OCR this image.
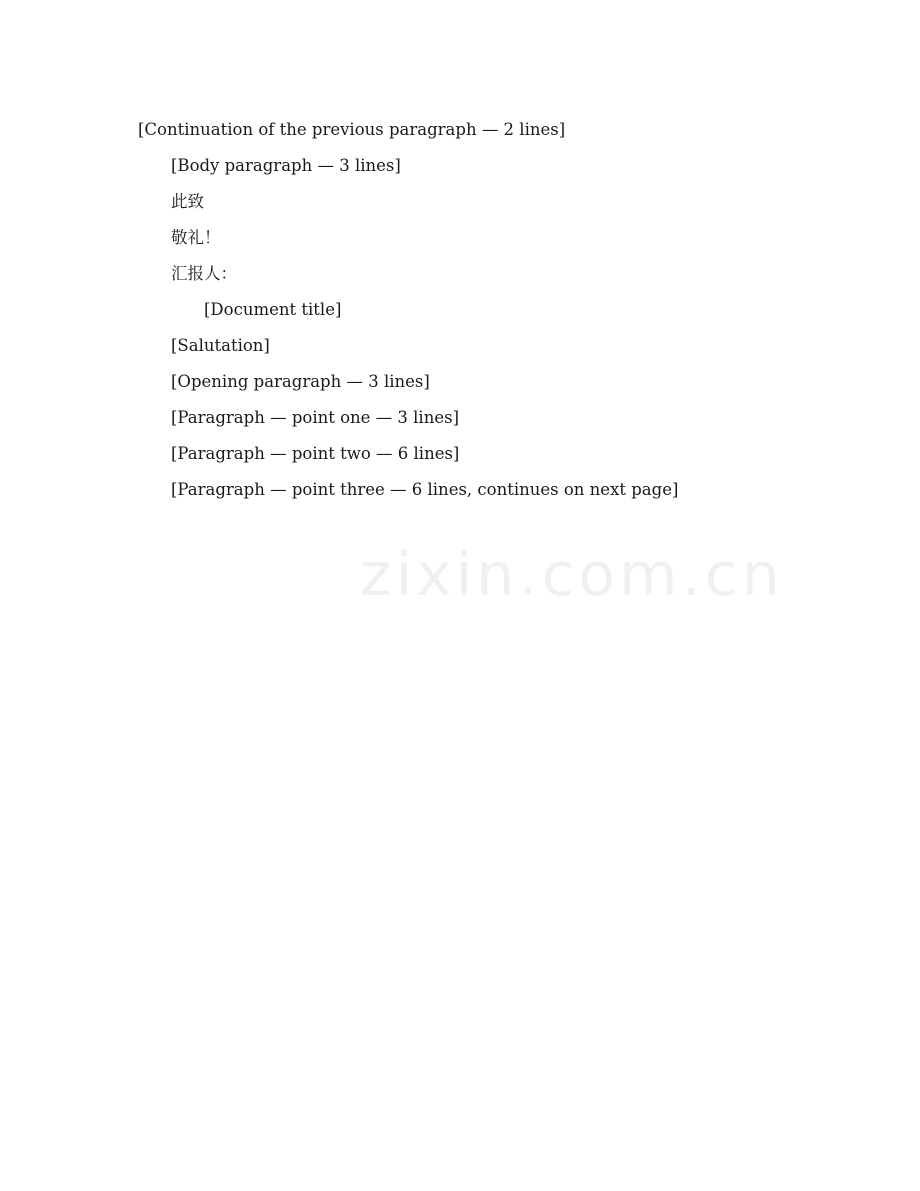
[Continuation of the previous paragraph — 2 lines]

[Body paragraph — 3 lines]

此致

敬礼！

汇报人：

[Document title]

[Salutation]

[Opening paragraph — 3 lines]

[Paragraph — point one — 3 lines]

[Paragraph — point two — 6 lines]

[Paragraph — point three — 6 lines, continues on next page]

zixin.com.cn
